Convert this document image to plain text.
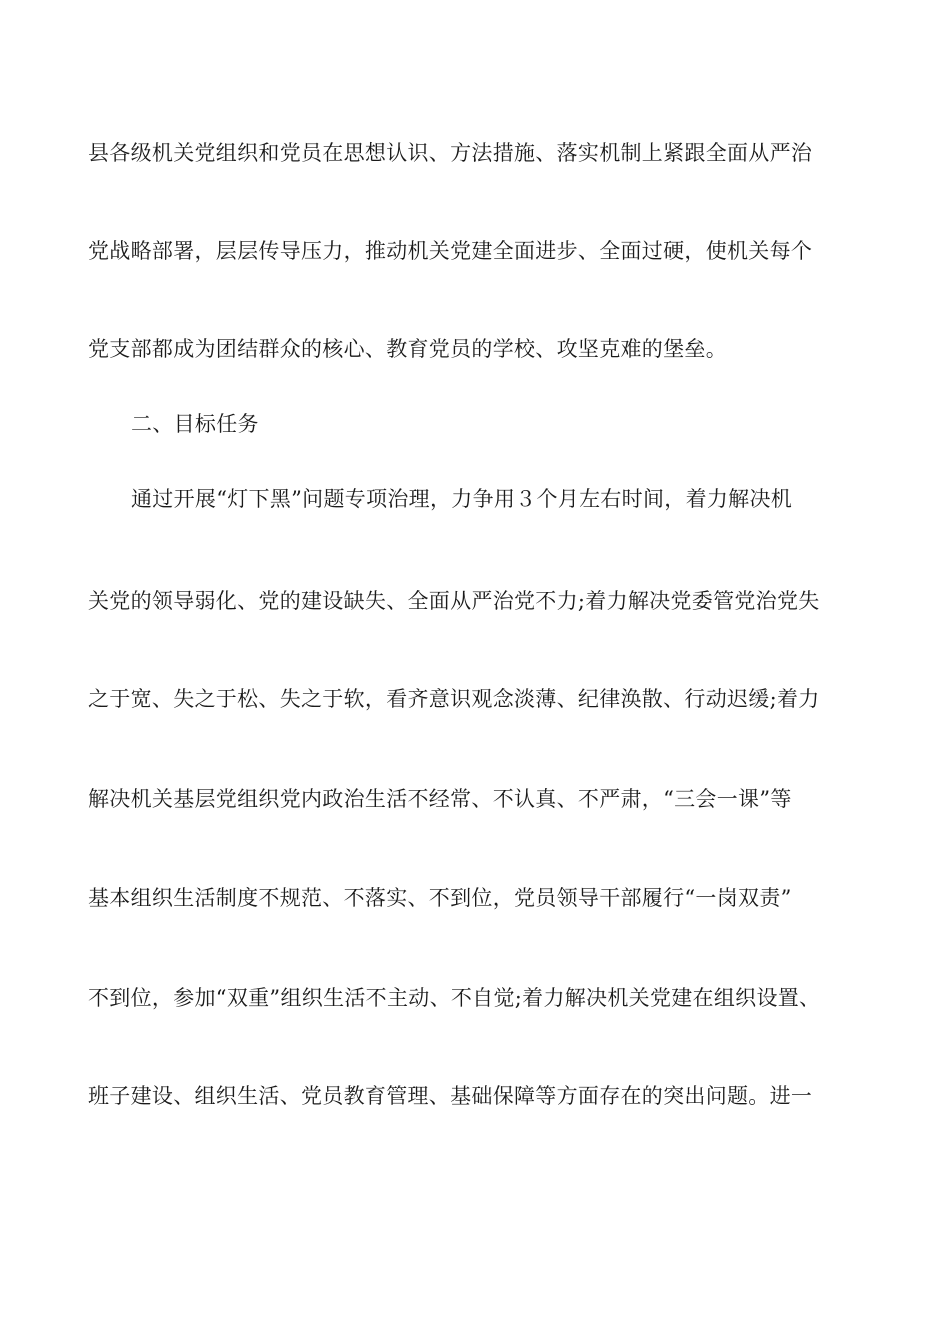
县各级机关党组织和党员在思想认识、方法措施、落实机制上紧跟全面从严治
党战略部署，层层传导压力，推动机关党建全面进步、全面过硬，使机关每个
党支部都成为团结群众的核心、教育党员的学校、攻坚克难的堡垒。
二、目标任务
通过开展“灯下黑”问题专项治理，力争用３个月左右时间，着力解决机
关党的领导弱化、党的建设缺失、全面从严治党不力;着力解决党委管党治党失
之于宽、失之于松、失之于软，看齐意识观念淡薄、纪律涣散、行动迟缓;着力
解决机关基层党组织党内政治生活不经常、不认真、不严肃，“三会一课”等
基本组织生活制度不规范、不落实、不到位，党员领导干部履行“一岗双责”
不到位，参加“双重”组织生活不主动、不自觉;着力解决机关党建在组织设置、
班子建设、组织生活、党员教育管理、基础保障等方面存在的突出问题。进一
